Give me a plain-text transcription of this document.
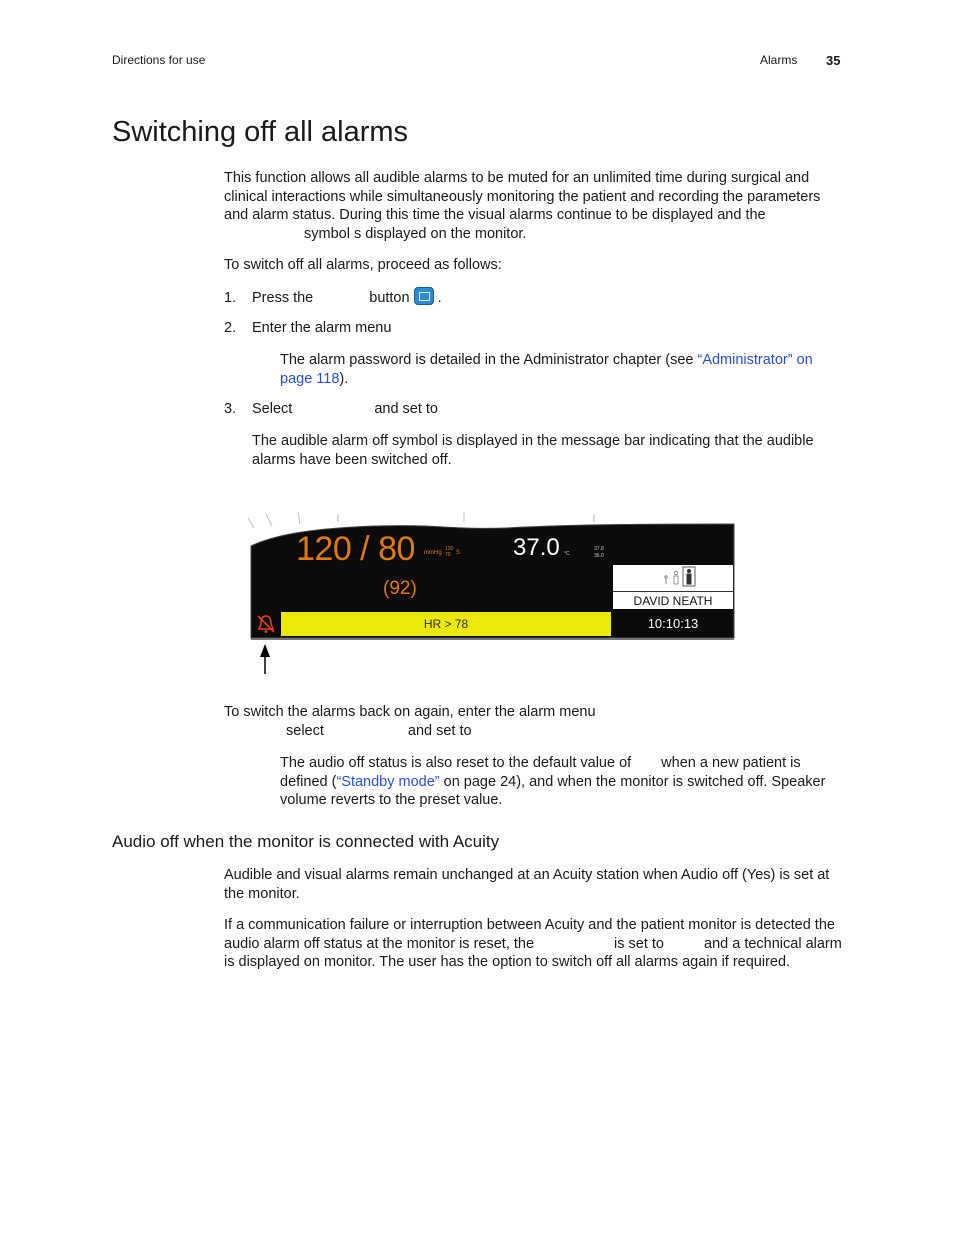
Directions for use	Alarms 35
Switching off all alarms

This function allows all audible alarms to be muted for an unlimited time during surgical and clinical interactions while simultaneously monitoring the patient and recording the parameters and alarm status. During this time the visual alarms continue to be displayed and thesymbol s displayed on the monitor.

To switch off all alarms, proceed as follows:

1. Press the	button .

2. Enter the alarm menu

The alarm password is detailed in the Administrator chapter (see “Administrator” on page 118).

3. Select	and set to

The audible alarm off symbol is displayed in the message bar indicating that the audible alarms have been switched off.

120 / 80 mmHg
120
70 S
(92)
37.0 °C
37.8
36.0
DAVID NEATH
HR > 78	10:10:13

To switch the alarms back on again, enter the alarm menu
select	and set to

The audio off status is also reset to the default value of when a new patient is defined (“Standby mode” on page 24), and when the monitor is switched off. Speaker volume reverts to the preset value.

Audio off when the monitor is connected with Acuity

Audible and visual alarms remain unchanged at an Acuity station when Audio off (Yes) is set at the monitor.

If a communication failure or interruption between Acuity and the patient monitor is detected the audio alarm off status at the monitor is reset, the	is set to	and a technical alarm is displayed on monitor. The user has the option to switch off all alarms again if required.
